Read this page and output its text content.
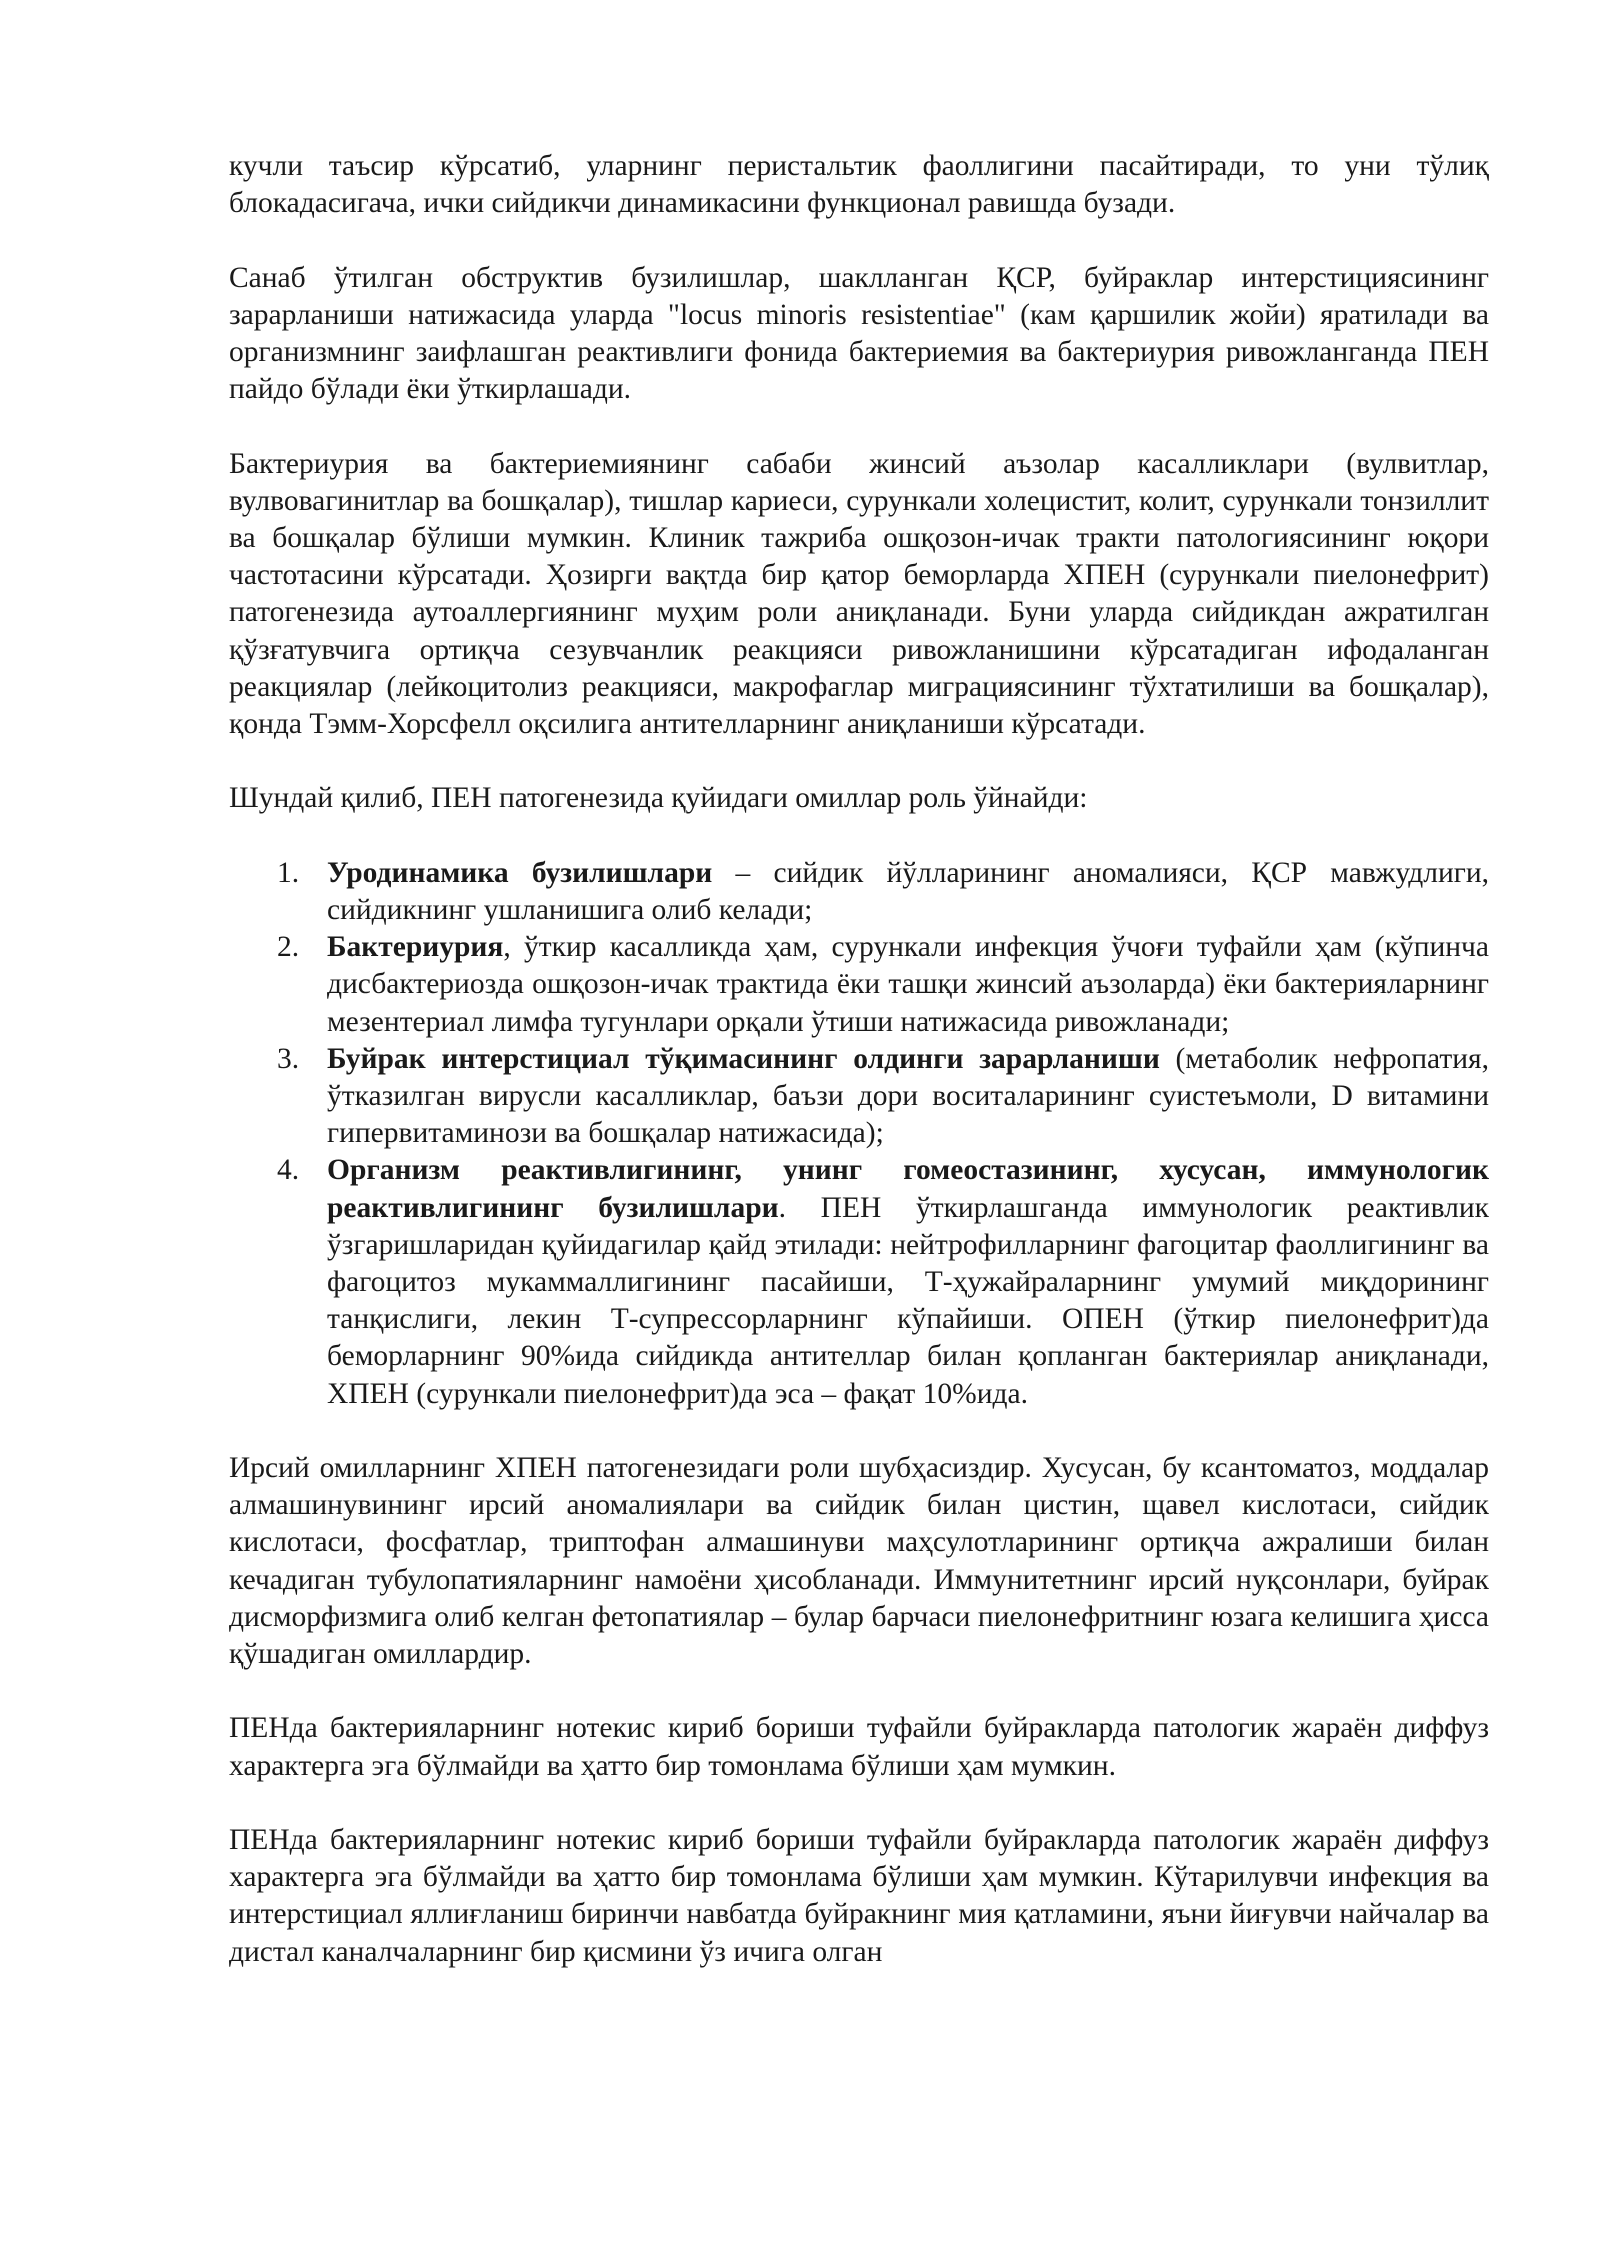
кучли таъсир кўрсатиб, уларнинг перистальтик фаоллигини пасайтиради, то уни тўлиқ блокадасигача, ички сийдикчи динамикасини функционал равишда бузади.

Санаб ўтилган обструктив бузилишлар, шаклланган ҚСР, буйраклар интерстициясининг зарарланиши натижасида уларда "locus minoris resistentiae" (кам қаршилик жойи) яратилади ва организмнинг заифлашган реактивлиги фонида бактериемия ва бактериурия ривожланганда ПЕН пайдо бўлади ёки ўткирлашади.

Бактериурия ва бактериемиянинг сабаби жинсий аъзолар касалликлари (вулвитлар, вулвовагинитлар ва бошқалар), тишлар кариеси, сурункали холецистит, колит, сурункали тонзиллит ва бошқалар бўлиши мумкин. Клиник тажриба ошқозон-ичак тракти патологиясининг юқори частотасини кўрсатади. Ҳозирги вақтда бир қатор беморларда ХПЕН (сурункали пиелонефрит) патогенезида аутоаллергиянинг муҳим роли аниқланади. Буни уларда сийдикдан ажратилган қўзғатувчига ортиқча сезувчанлик реакцияси ривожланишини кўрсатадиган ифодаланган реакциялар (лейкоцитолиз реакцияси, макрофаглар миграциясининг тўхтатилиши ва бошқалар), қонда Тэмм-Хорсфелл оқсилига антителларнинг аниқланиши кўрсатади.

Шундай қилиб, ПЕН патогенезида қуйидаги омиллар роль ўйнайди:

1. Уродинамика бузилишлари – сийдик йўлларининг аномалияси, ҚСР мавжудлиги, сийдикнинг ушланишига олиб келади;
2. Бактериурия, ўткир касалликда ҳам, сурункали инфекция ўчоғи туфайли ҳам (кўпинча дисбактериозда ошқозон-ичак трактида ёки ташқи жинсий аъзоларда) ёки бактерияларнинг мезентериал лимфа тугунлари орқали ўтиши натижасида ривожланади;
3. Буйрак интерстициал тўқимасининг олдинги зарарланиши (метаболик нефропатия, ўтказилган вирусли касалликлар, баъзи дори воситаларининг суистеъмоли, D витамини гипервитаминози ва бошқалар натижасида);
4. Организм реактивлигининг, унинг гомеостазининг, хусусан, иммунологик реактивлигининг бузилишлари. ПЕН ўткирлашганда иммунологик реактивлик ўзгаришларидан қуйидагилар қайд этилади: нейтрофилларнинг фагоцитар фаоллигининг ва фагоцитоз мукаммаллигининг пасайиши, Т-ҳужайраларнинг умумий миқдорининг танқислиги, лекин Т-супрессорларнинг кўпайиши. ОПЕН (ўткир пиелонефрит)да беморларнинг 90%ида сийдикда антителлар билан қопланган бактериялар аниқланади, ХПЕН (сурункали пиелонефрит)да эса – фақат 10%ида.

Ирсий омилларнинг ХПЕН патогенезидаги роли шубҳасиздир. Хусусан, бу ксантоматоз, моддалар алмашинувининг ирсий аномалиялари ва сийдик билан цистин, щавел кислотаси, сийдик кислотаси, фосфатлар, триптофан алмашинуви маҳсулотларининг ортиқча ажралиши билан кечадиган тубулопатияларнинг намоёни ҳисобланади. Иммунитетнинг ирсий нуқсонлари, буйрак дисморфизмига олиб келган фетопатиялар – булар барчаси пиелонефритнинг юзага келишига ҳисса қўшадиган омиллардир.

ПЕНда бактерияларнинг нотекис кириб бориши туфайли буйракларда патологик жараён диффуз характерга эга бўлмайди ва ҳатто бир томонлама бўлиши ҳам мумкин.

ПЕНда бактерияларнинг нотекис кириб бориши туфайли буйракларда патологик жараён диффуз характерга эга бўлмайди ва ҳатто бир томонлама бўлиши ҳам мумкин. Кўтарилувчи инфекция ва интерстициал яллиғланиш биринчи навбатда буйракнинг мия қатламини, яъни йиғувчи найчалар ва дистал каналчаларнинг бир қисмини ўз ичига олган
